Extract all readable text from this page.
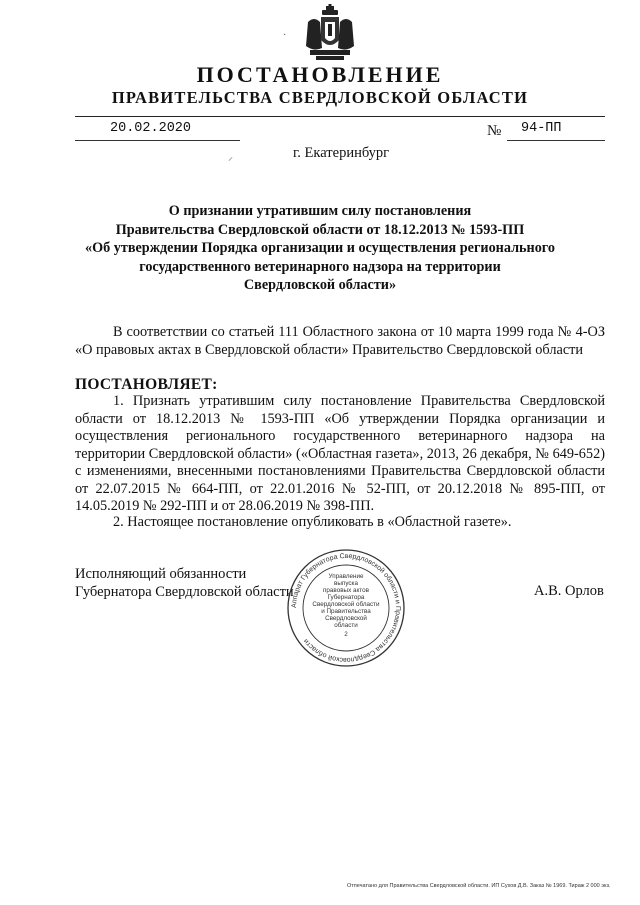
ПОСТАНОВЛЕНИЕ
ПРАВИТЕЛЬСТВА СВЕРДЛОВСКОЙ ОБЛАСТИ
20.02.2020	№ 94-ПП
г. Екатеринбург
⸝
·
О признании утратившим силу постановления
Правительства Свердловской области от 18.12.2013 № 1593-ПП
«Об утверждении Порядка организации и осуществления регионального
государственного ветеринарного надзора на территории
Свердловской области»
В соответствии со статьей 111 Областного закона от 10 марта 1999 года № 4-ОЗ «О правовых актах в Свердловской области» Правительство Свердловской области
ПОСТАНОВЛЯЕТ:
1. Признать утратившим силу постановление Правительства Свердловской области от 18.12.2013 № 1593-ПП «Об утверждении Порядка организации и осуществления регионального государственного ветеринарного надзора на территории Свердловской области» («Областная газета», 2013, 26 декабря, № 649-652) с изменениями, внесенными постановлениями Правительства Свердловской области от 22.07.2015 № 664-ПП, от 22.01.2016 № 52-ПП, от 20.12.2018 № 895-ПП, от 14.05.2019 № 292-ПП и от 28.06.2019 № 398-ПП.
2. Настоящее постановление опубликовать в «Областной газете».
Исполняющий обязанности
Губернатора Свердловской области	А.В. Орлов
Аппарат Губернатора Свердловской области и Правительства Свердловской области
Управление
выпуска
правовых актов
Губернатора
Свердловской области
и Правительства
Свердловской
области
2
Отпечатано для Правительства Свердловской области. ИП Сухов Д.В. Заказ № 1969. Тираж 2 000 экз.
